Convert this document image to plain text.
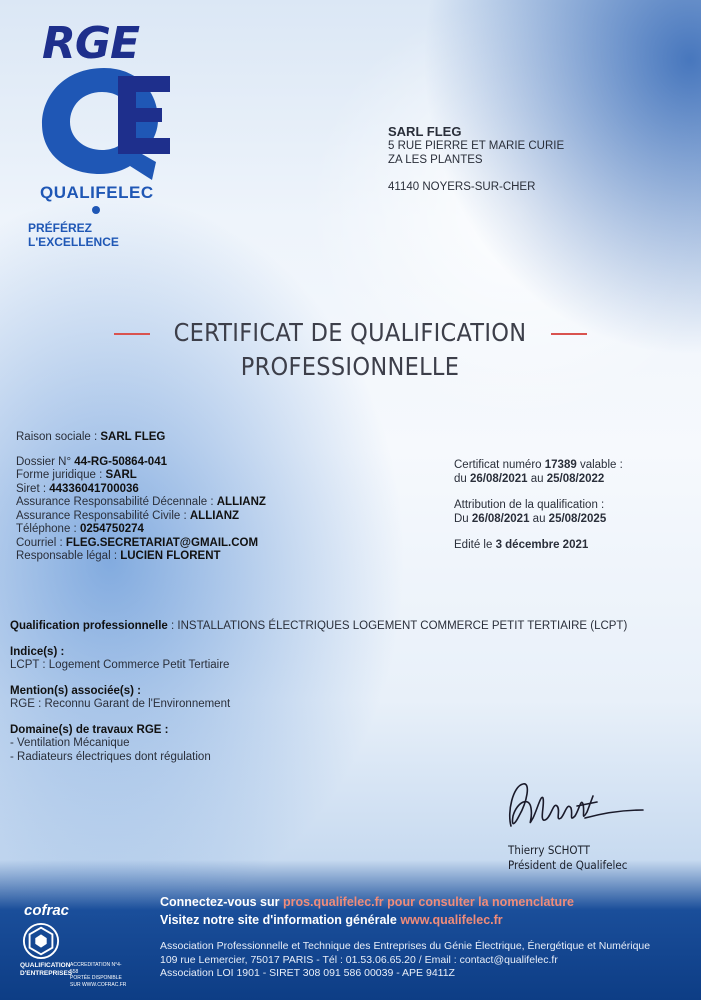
RGE
QUALIFELEC
PRÉFÉREZ L'EXCELLENCE
SARL FLEG
5 RUE PIERRE ET MARIE CURIE
ZA LES PLANTES
41140 NOYERS-SUR-CHER
CERTIFICAT DE QUALIFICATION
PROFESSIONNELLE
Raison sociale : SARL FLEG
Dossier N° 44-RG-50864-041
Forme juridique : SARL
Siret : 44336041700036
Assurance Responsabilité Décennale : ALLIANZ
Assurance Responsabilité Civile : ALLIANZ
Téléphone : 0254750274
Courriel : FLEG.SECRETARIAT@GMAIL.COM
Responsable légal : LUCIEN FLORENT
Certificat numéro 17389 valable :
du 26/08/2021 au 25/08/2022
Attribution de la qualification :
Du 26/08/2021 au 25/08/2025
Edité le 3 décembre 2021
Qualification professionnelle : INSTALLATIONS ÉLECTRIQUES LOGEMENT COMMERCE PETIT TERTIAIRE (LCPT)
Indice(s) :
LCPT : Logement Commerce Petit Tertiaire
Mention(s) associée(s) :
RGE : Reconnu Garant de l'Environnement
Domaine(s) de travaux RGE :
- Ventilation Mécanique
- Radiateurs électriques dont régulation
Thierry SCHOTT
Président de Qualifelec
Connectez-vous sur pros.qualifelec.fr pour consulter la nomenclature
Visitez notre site d'information générale www.qualifelec.fr
Association Professionnelle et Technique des Entreprises du Génie Électrique, Énergétique et Numérique
109 rue Lemercier, 75017 PARIS - Tél : 01.53.06.65.20 / Email : contact@qualifelec.fr
Association LOI 1901 - SIRET 308 091 586 00039 - APE 9411Z
cofrac
QUALIFICATION
D'ENTREPRISES
ACCREDITATION N°4-558
PORTÉE DISPONIBLE
SUR WWW.COFRAC.FR
